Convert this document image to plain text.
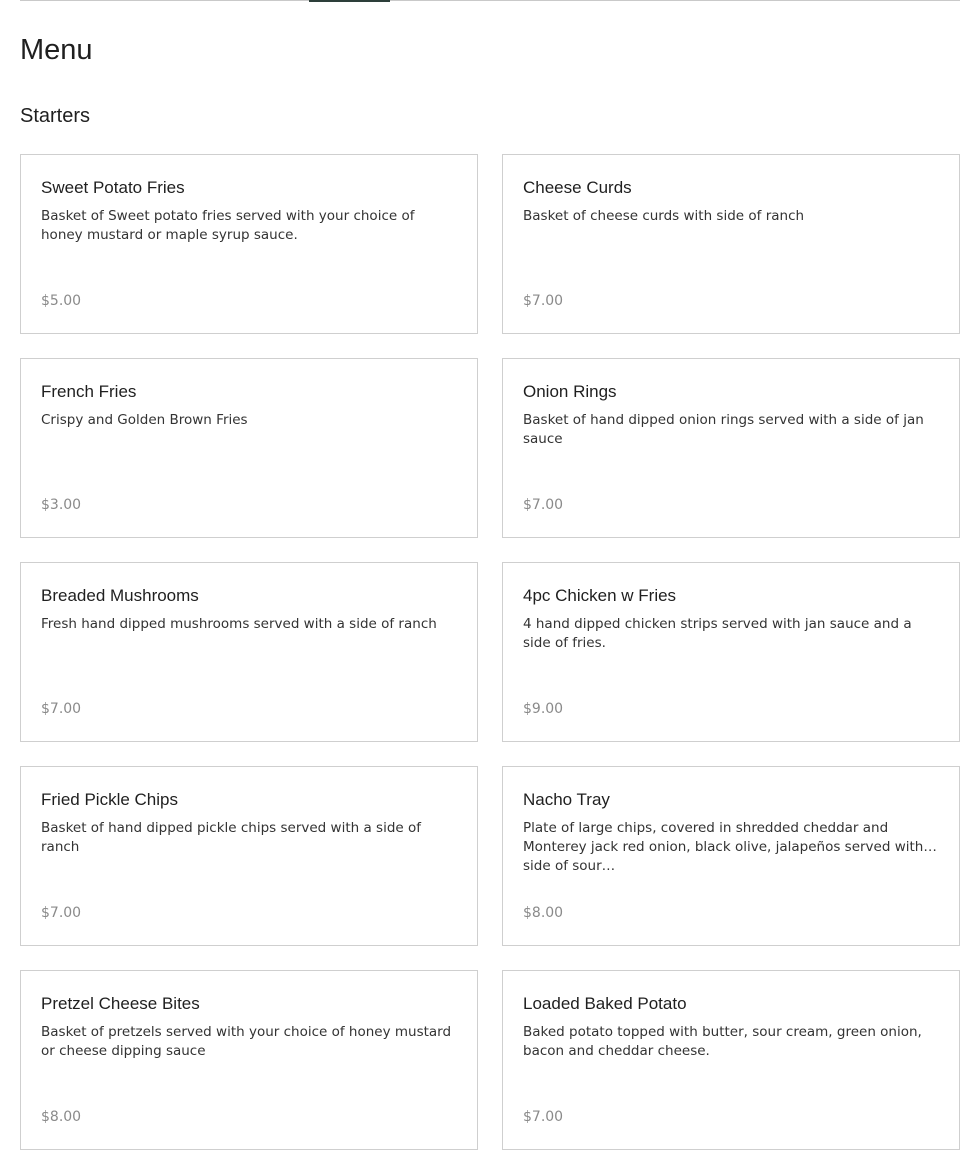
Menu
Starters
Sweet Potato Fries
Basket of Sweet potato fries served with your choice of honey mustard or maple syrup sauce.
$5.00
Cheese Curds
Basket of cheese curds with side of ranch
$7.00
French Fries
Crispy and Golden Brown Fries
$3.00
Onion Rings
Basket of hand dipped onion rings served with a side of jan sauce
$7.00
Breaded Mushrooms
Fresh hand dipped mushrooms served with a side of ranch
$7.00
4pc Chicken w Fries
4 hand dipped chicken strips served with jan sauce and a side of fries.
$9.00
Fried Pickle Chips
Basket of hand dipped pickle chips served with a side of ranch
$7.00
Nacho Tray
Plate of large chips, covered in shredded cheddar and Monterey jack red onion, black olive, jalapeños served with a side of sour…
$8.00
Pretzel Cheese Bites
Basket of pretzels served with your choice of honey mustard or cheese dipping sauce
$8.00
Loaded Baked Potato
Baked potato topped with butter, sour cream, green onion, bacon and cheddar cheese.
$7.00
